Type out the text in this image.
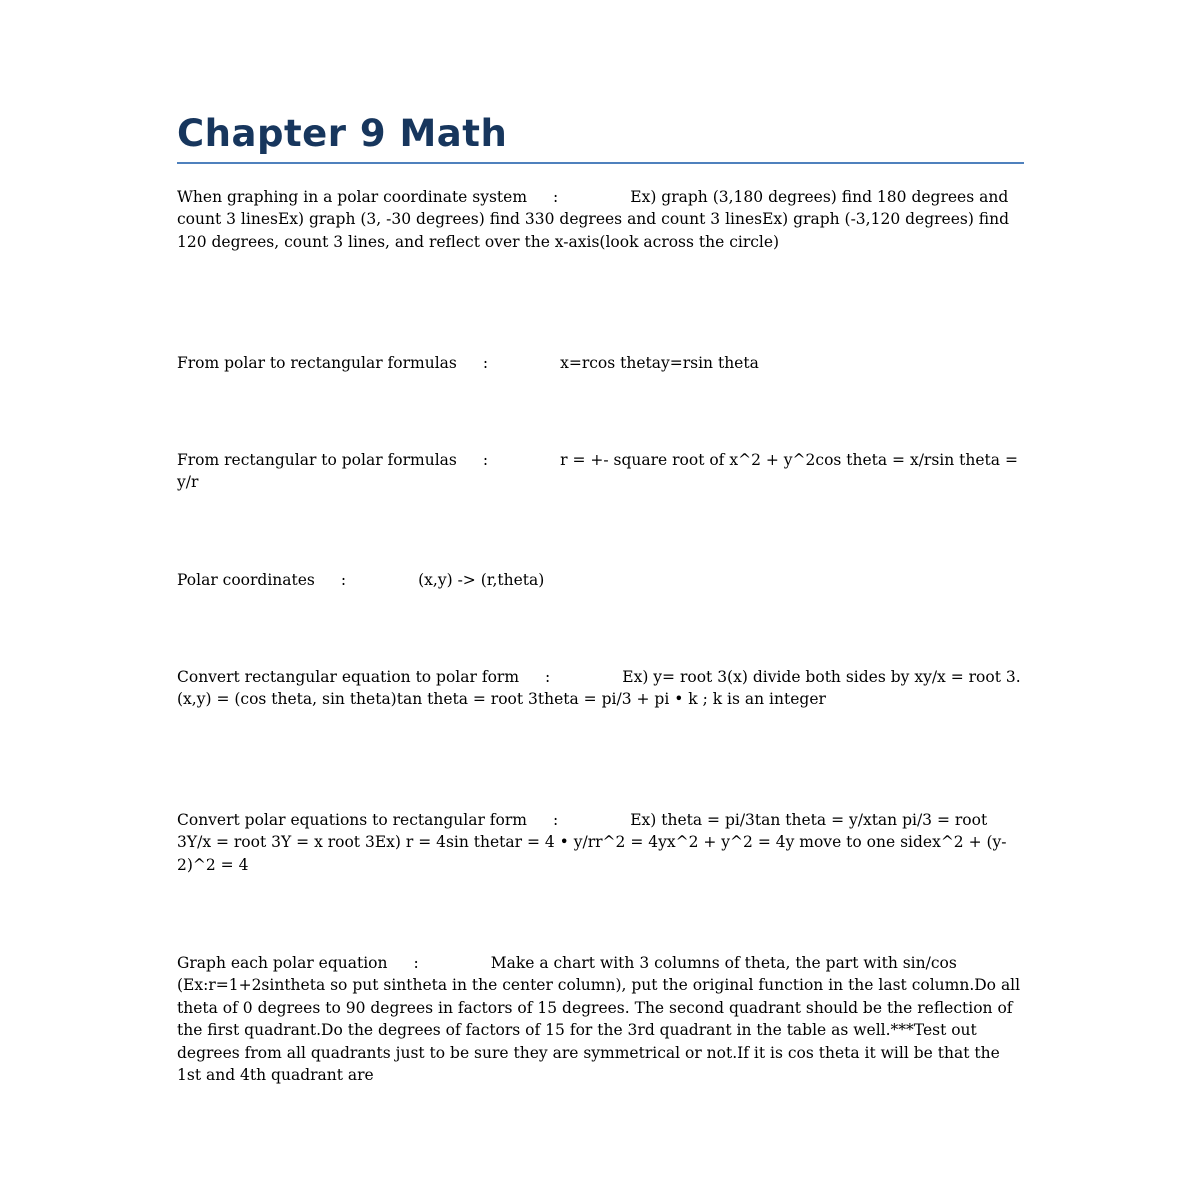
Chapter 9 Math

When graphing in a polar coordinate system :	Ex) graph (3,180 degrees) find 180 degrees and count 3 linesEx) graph (3, -30 degrees) find 330 degrees and count 3 linesEx) graph (-3,120 degrees) find 120 degrees, count 3 lines, and reflect over the x-axis(look across the circle)

From polar to rectangular formulas :	x=rcos thetay=rsin theta

From rectangular to polar formulas :	r = +- square root of x^2 + y^2cos theta = x/rsin theta = y/r

Polar coordinates :	(x,y) -> (r,theta)

Convert rectangular equation to polar form :	Ex) y= root 3(x) divide both sides by xy/x = root 3. (x,y) = (cos theta, sin theta)tan theta = root 3theta = pi/3 + pi • k ; k is an integer

Convert polar equations to rectangular form :	Ex) theta = pi/3tan theta = y/xtan pi/3 = root 3Y/x = root 3Y = x root 3Ex) r = 4sin thetar = 4 • y/rr^2 = 4yx^2 + y^2 = 4y move to one sidex^2 + (y-2)^2 = 4

Graph each polar equation :	Make a chart with 3 columns of theta, the part with sin/cos (Ex:r=1+2sintheta so put sintheta in the center column), put the original function in the last column.Do all theta of 0 degrees to 90 degrees in factors of 15 degrees. The second quadrant should be the reflection of the first quadrant.Do the degrees of factors of 15 for the 3rd quadrant in the table as well.***Test out degrees from all quadrants just to be sure they are symmetrical or not.If it is cos theta it will be that the 1st and 4th quadrant are
